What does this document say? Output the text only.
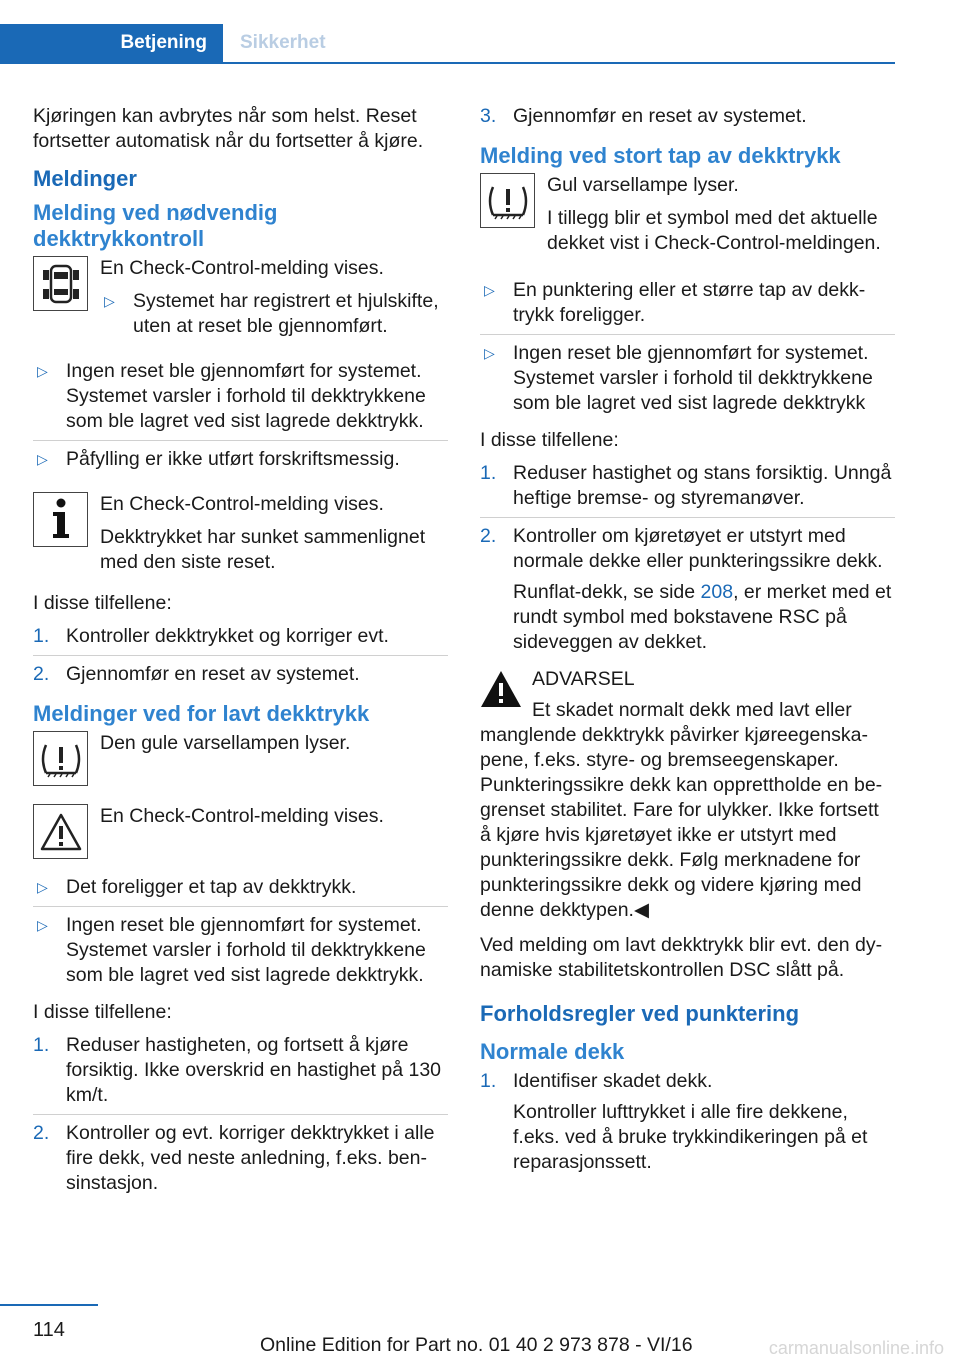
Betjening	Sikkerhet

Kjøringen kan avbrytes når som helst. Reset fortsetter automatisk når du fortsetter å kjøre.

Meldinger
Melding ved nødvendig dekktrykkontroll

En Check-Control-melding vises.

▷ Systemet har registrert et hjulskifte, uten at reset ble gjennomført.
▷ Ingen reset ble gjennomført for systemet. Systemet varsler i forhold til dekktrykkene som ble lagret ved sist lagrede dekktrykk.
▷ Påfylling er ikke utført forskriftsmessig.

En Check-Control-melding vises.

Dekktrykket har sunket sammenlignet med den siste reset.

I disse tilfellene:

1. Kontroller dekktrykket og korriger evt.
2. Gjennomfør en reset av systemet.
Meldinger ved for lavt dekktrykk

Den gule varsellampen lyser.

En Check-Control-melding vises.

▷ Det foreligger et tap av dekktrykk.
▷ Ingen reset ble gjennomført for systemet. Systemet varsler i forhold til dekktrykkene som ble lagret ved sist lagrede dekktrykk.

I disse tilfellene:

1. Reduser hastigheten, og fortsett å kjøre forsiktig. Ikke overskrid en hastighet på 130 km/t.
2. Kontroller og evt. korriger dekktrykket i alle fire dekk, ved neste anledning, f.eks. bensinstasjon.
3. Gjennomfør en reset av systemet.
Melding ved stort tap av dekktrykk

Gul varsellampe lyser.

I tillegg blir et symbol med det aktuelle dekket vist i Check-Control-meldingen.

▷ En punktering eller et større tap av dekktrykk foreligger.
▷ Ingen reset ble gjennomført for systemet. Systemet varsler i forhold til dekktrykkene som ble lagret ved sist lagrede dekktrykk

I disse tilfellene:

1. Reduser hastighet og stans forsiktig. Unngå heftige bremse- og styremanøver.
2. Kontroller om kjøretøyet er utstyrt med normale dekke eller punkteringssikre dekk.

Runflat-dekk, se side 208, er merket med et rundt symbol med bokstavene RSC på sideveggen av dekket.

ADVARSEL
Et skadet normalt dekk med lavt eller manglende dekktrykk påvirker kjøreegenskapene, f.eks. styre- og bremseegenskaper. Punkteringssikre dekk kan opprettholde en begrenset stabilitet. Fare for ulykker. Ikke fortsett å kjøre hvis kjøretøyet ikke er utstyrt med punkteringssikre dekk. Følg merknadene for punkteringssikre dekk og videre kjøring med denne dekktypen.◀

Ved melding om lavt dekktrykk blir evt. den dynamiske stabilitetskontrollen DSC slått på.

Forholdsregler ved punktering
Normale dekk
1. Identifiser skadet dekk.

Kontroller lufttrykket i alle fire dekkene, f.eks. ved å bruke trykkindikeringen på et reparasjonssett.

114
Online Edition for Part no. 01 40 2 973 878 - VI/16	carmanualsonline.info
